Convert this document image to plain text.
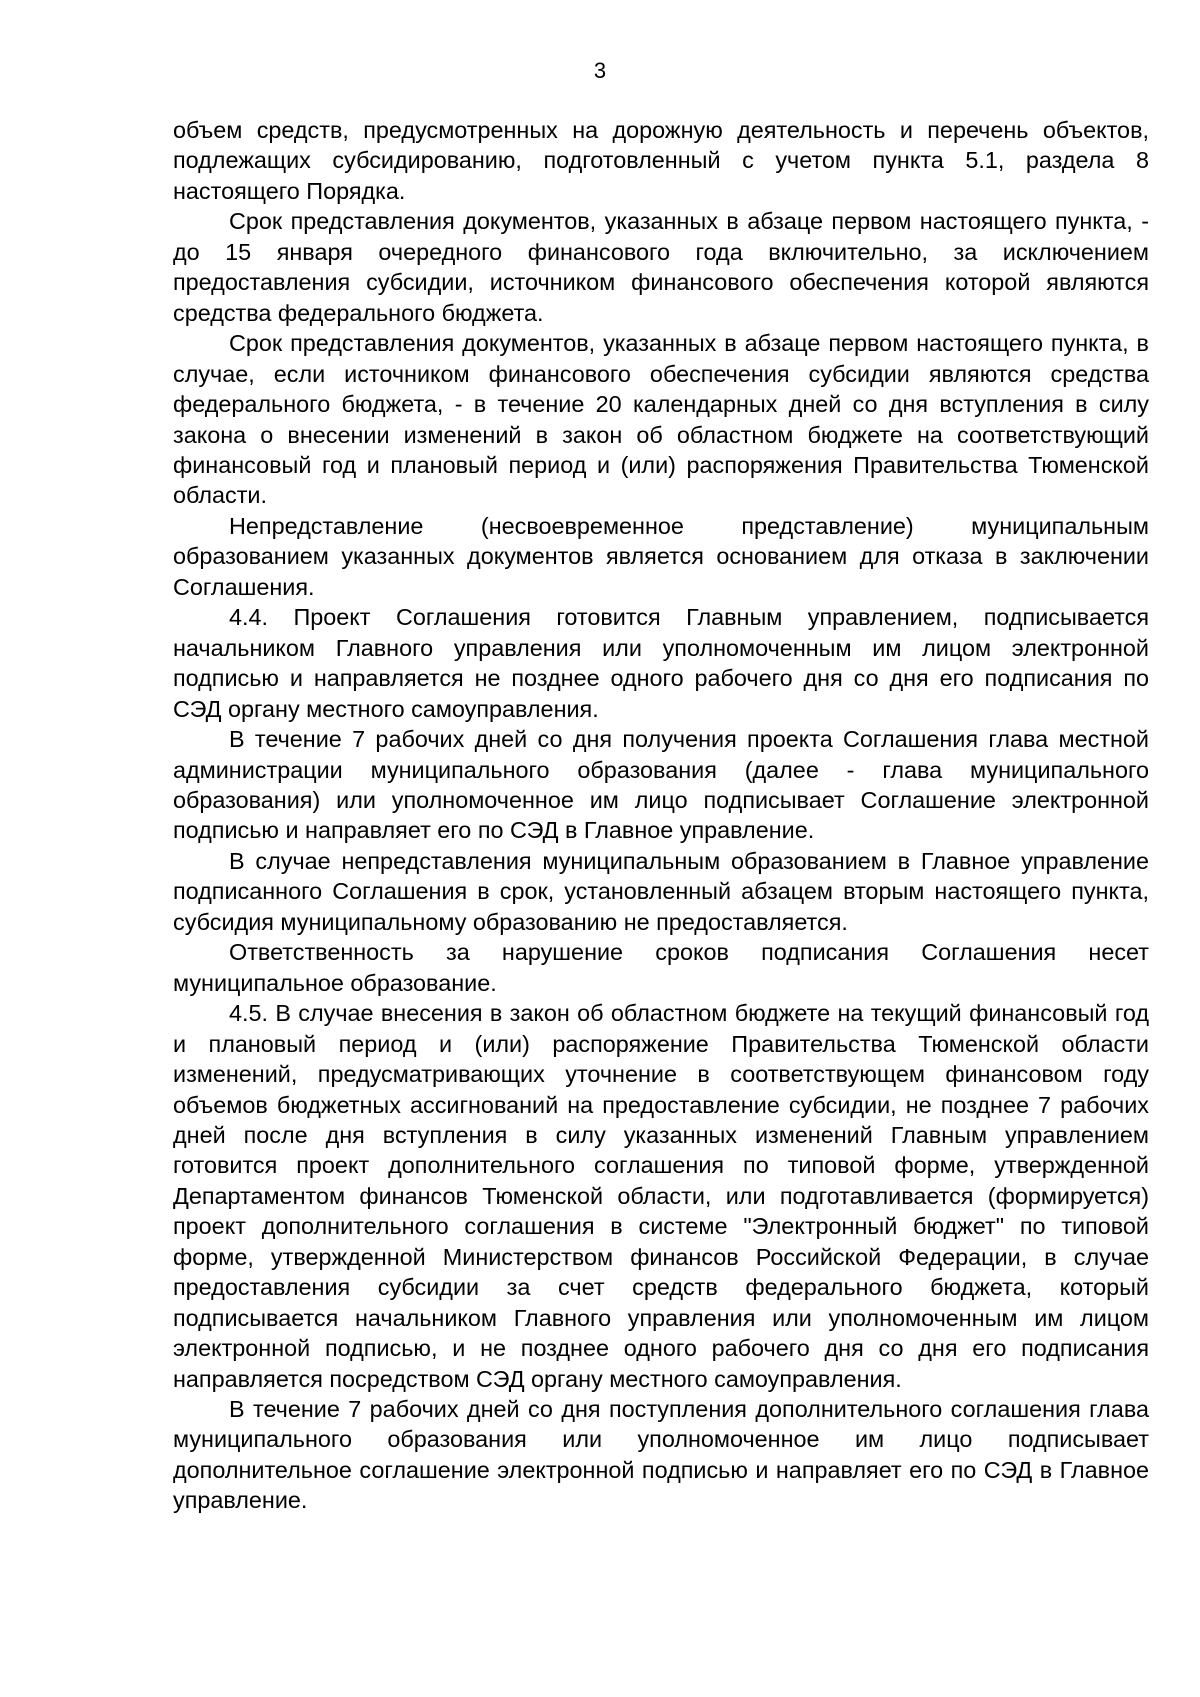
3

объем средств, предусмотренных на дорожную деятельность и перечень объектов, подлежащих субсидированию, подготовленный с учетом пункта 5.1, раздела 8 настоящего Порядка.

Срок представления документов, указанных в абзаце первом настоящего пункта, - до 15 января очередного финансового года включительно, за исключением предоставления субсидии, источником финансового обеспечения которой являются средства федерального бюджета.

Срок представления документов, указанных в абзаце первом настоящего пункта, в случае, если источником финансового обеспечения субсидии являются средства федерального бюджета, - в течение 20 календарных дней со дня вступления в силу закона о внесении изменений в закон об областном бюджете на соответствующий финансовый год и плановый период и (или) распоряжения Правительства Тюменской области.

Непредставление (несвоевременное представление) муниципальным образованием указанных документов является основанием для отказа в заключении Соглашения.

4.4. Проект Соглашения готовится Главным управлением, подписывается начальником Главного управления или уполномоченным им лицом электронной подписью и направляется не позднее одного рабочего дня со дня его подписания по СЭД органу местного самоуправления.

В течение 7 рабочих дней со дня получения проекта Соглашения глава местной администрации муниципального образования (далее - глава муниципального образования) или уполномоченное им лицо подписывает Соглашение электронной подписью и направляет его по СЭД в Главное управление.

В случае непредставления муниципальным образованием в Главное управление подписанного Соглашения в срок, установленный абзацем вторым настоящего пункта, субсидия муниципальному образованию не предоставляется.

Ответственность за нарушение сроков подписания Соглашения несет муниципальное образование.

4.5. В случае внесения в закон об областном бюджете на текущий финансовый год и плановый период и (или) распоряжение Правительства Тюменской области изменений, предусматривающих уточнение в соответствующем финансовом году объемов бюджетных ассигнований на предоставление субсидии, не позднее 7 рабочих дней после дня вступления в силу указанных изменений Главным управлением готовится проект дополнительного соглашения по типовой форме, утвержденной Департаментом финансов Тюменской области, или подготавливается (формируется) проект дополнительного соглашения в системе "Электронный бюджет" по типовой форме, утвержденной Министерством финансов Российской Федерации, в случае предоставления субсидии за счет средств федерального бюджета, который подписывается начальником Главного управления или уполномоченным им лицом электронной подписью, и не позднее одного рабочего дня со дня его подписания направляется посредством СЭД органу местного самоуправления.

В течение 7 рабочих дней со дня поступления дополнительного соглашения глава муниципального образования или уполномоченное им лицо подписывает дополнительное соглашение электронной подписью и направляет его по СЭД в Главное управление.
